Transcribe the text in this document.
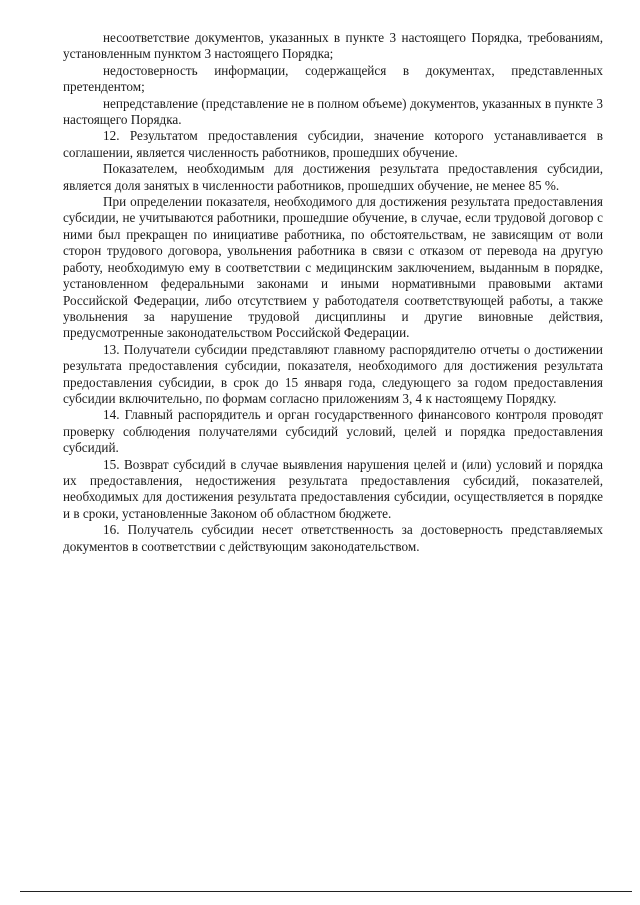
несоответствие документов, указанных в пункте 3 настоящего Порядка, требованиям, установленным пунктом 3 настоящего Порядка;

недостоверность информации, содержащейся в документах, представленных претендентом;

непредставление (представление не в полном объеме) документов, указанных в пункте 3 настоящего Порядка.

12. Результатом предоставления субсидии, значение которого устанавливается в соглашении, является численность работников, прошедших обучение.

Показателем, необходимым для достижения результата предоставления субсидии, является доля занятых в численности работников, прошедших обучение, не менее 85 %.

При определении показателя, необходимого для достижения результата предоставления субсидии, не учитываются работники, прошедшие обучение, в случае, если трудовой договор с ними был прекращен по инициативе работника, по обстоятельствам, не зависящим от воли сторон трудового договора, увольнения работника в связи с отказом от перевода на другую работу, необходимую ему в соответствии с медицинским заключением, выданным в порядке, установленном федеральными законами и иными нормативными правовыми актами Российской Федерации, либо отсутствием у работодателя соответствующей работы, а также увольнения за нарушение трудовой дисциплины и другие виновные действия, предусмотренные законодательством Российской Федерации.

13. Получатели субсидии представляют главному распорядителю отчеты о достижении результата предоставления субсидии, показателя, необходимого для достижения результата предоставления субсидии, в срок до 15 января года, следующего за годом предоставления субсидии включительно, по формам согласно приложениям 3, 4 к настоящему Порядку.

14. Главный распорядитель и орган государственного финансового контроля проводят проверку соблюдения получателями субсидий условий, целей и порядка предоставления субсидий.

15. Возврат субсидий в случае выявления нарушения целей и (или) условий и порядка их предоставления, недостижения результата предоставления субсидий, показателей, необходимых для достижения результата предоставления субсидии, осуществляется в порядке и в сроки, установленные Законом об областном бюджете.

16. Получатель субсидии несет ответственность за достоверность представляемых документов в соответствии с действующим законодательством.
